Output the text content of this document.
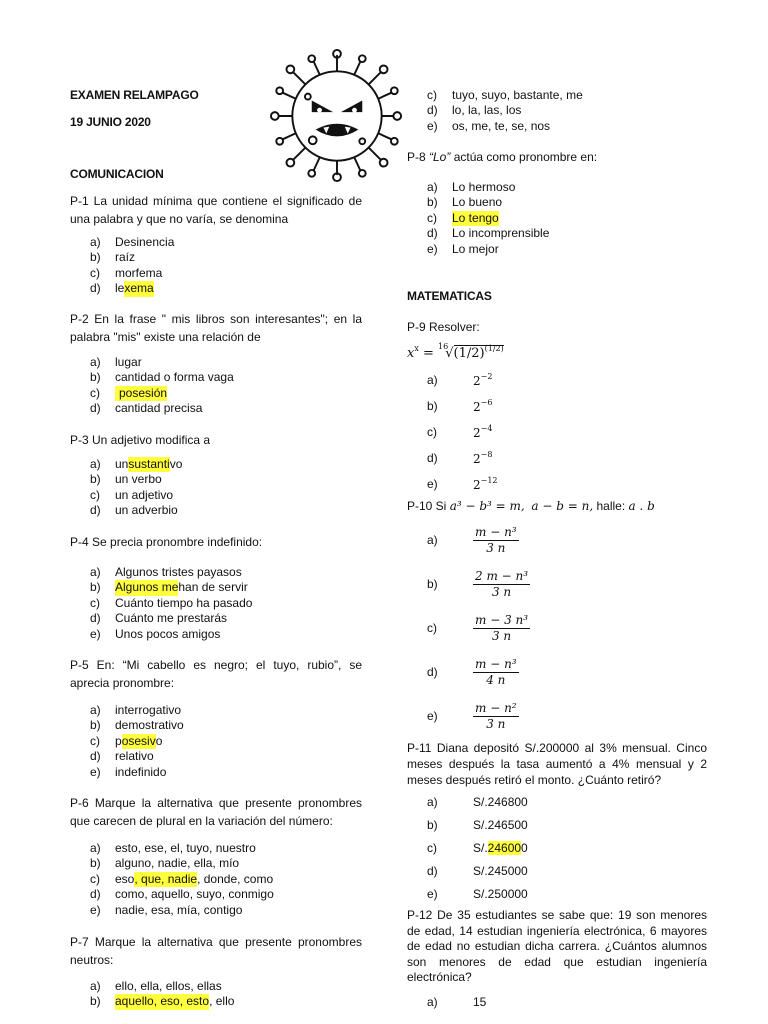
EXAMEN RELAMPAGO
19 JUNIO 2020
COMUNICACION
P-1 La unidad mínima que contiene el significado de una palabra y que no varía, se denomina
a)	Desinencia
b)	raíz
c)	morfema
d)	le xema
P-2 En la frase " mis libros son interesantes"; en la palabra "mis" existe una relación de
a)	lugar
b)	cantidad o forma vaga
c)	posesión
d)	cantidad precisa
P-3 Un adjetivo modifica a
a)	un sustanti vo
b)	un verbo
c)	un adjetivo
d)	un adverbio
P-4 Se precia pronombre indefinido:
a)	Algunos tristes payasos
b)	Algunos me han de servir
c)	Cuánto tiempo ha pasado
d)	Cuánto me prestarás
e)	Unos pocos amigos
P-5 En: “Mi cabello es negro; el tuyo, rubio”, se aprecia pronombre:
a)	interrogativo
b)	demostrativo
c)	p osesiv o
d)	relativo
e)	indefinido
P-6 Marque la alternativa que presente pronombres que carecen de plural en la variación del número:
a)	esto, ese, el, tuyo, nuestro
b)	alguno, nadie, ella, mío
c)	eso , que, nadie , donde, como
d)	como, aquello, suyo, conmigo
e)	nadie, esa, mía, contigo
P-7 Marque la alternativa que presente pronombres neutros:
a)	ello, ella, ellos, ellas
b)	aquello, eso, esto , ello
c)	tuyo, suyo, bastante, me
d)	lo, la, las, los
e)	os, me, te, se, nos
P-8 “Lo” actúa como pronombre en:
a)	Lo hermoso
b)	Lo bueno
c)	Lo tengo
d)	Lo incomprensible
e)	Lo mejor
MATEMATICAS
P-9 Resolver:
$x^x = ^{16}√(1/2)^{(1/2)}$
a)	$2^{-2}$
b)	$2^{-6}$
c)	$2^{-4}$
d)	$2^{-8}$
e)	$2^{-12}$
P-10 Si a³ − b³ = m, a − b = n, halle: a . b
a)	$\frac{\text{m − n³}}{3 n}$
b)	$\frac{\text{2 m − n³}}{3 n}$
c)	$\frac{\text{m − 3 n³}}{3 n}$
d)	$\frac{\text{m − n³}}{4 n}$
e)	$\frac{\text{m − n²}}{3 n}$
P-11 Diana depositó S/.200000 al 3% mensual. Cinco meses después la tasa aumentó a 4% mensual y 2 meses después retiró el monto. ¿Cuánto retiró?
a)	S/.246800
b)	S/.246500
c)	S/. 24600 0
d)	S/.245000
e)	S/.250000
P-12 De 35 estudiantes se sabe que: 19 son menores de edad, 14 estudian ingeniería electrónica, 6 mayores de edad no estudian dicha carrera. ¿Cuántos alumnos son menores de edad que estudian ingeniería electrónica?
a)	15
